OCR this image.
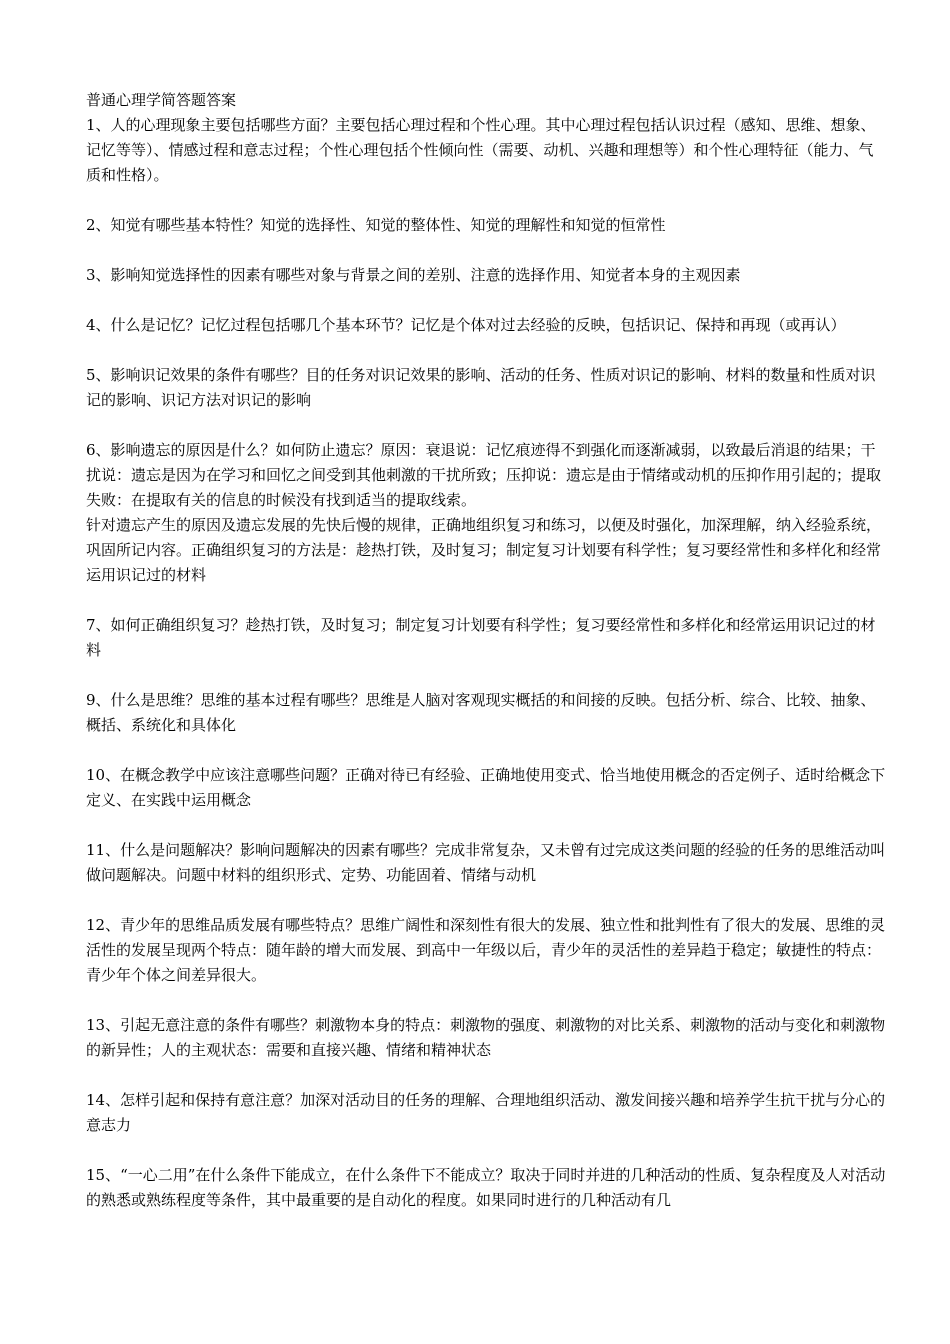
普通心理学简答题答案

1、人的心理现象主要包括哪些方面？主要包括心理过程和个性心理。其中心理过程包括认识过程（感知、思维、想象、记忆等等）、情感过程和意志过程；个性心理包括个性倾向性（需要、动机、兴趣和理想等）和个性心理特征（能力、气质和性格）。

2、知觉有哪些基本特性？知觉的选择性、知觉的整体性、知觉的理解性和知觉的恒常性

3、影响知觉选择性的因素有哪些对象与背景之间的差别、注意的选择作用、知觉者本身的主观因素

4、什么是记忆？记忆过程包括哪几个基本环节？记忆是个体对过去经验的反映，包括识记、保持和再现（或再认）

5、影响识记效果的条件有哪些？目的任务对识记效果的影响、活动的任务、性质对识记的影响、材料的数量和性质对识记的影响、识记方法对识记的影响

6、影响遗忘的原因是什么？如何防止遗忘？原因：衰退说：记忆痕迹得不到强化而逐渐减弱，以致最后消退的结果；干扰说：遗忘是因为在学习和回忆之间受到其他刺激的干扰所致；压抑说：遗忘是由于情绪或动机的压抑作用引起的；提取失败：在提取有关的信息的时候没有找到适当的提取线索。

针对遗忘产生的原因及遗忘发展的先快后慢的规律，正确地组织复习和练习，以便及时强化，加深理解，纳入经验系统，巩固所记内容。正确组织复习的方法是：趁热打铁，及时复习；制定复习计划要有科学性；复习要经常性和多样化和经常运用识记过的材料

7、如何正确组织复习？趁热打铁，及时复习；制定复习计划要有科学性；复习要经常性和多样化和经常运用识记过的材料

9、什么是思维？思维的基本过程有哪些？思维是人脑对客观现实概括的和间接的反映。包括分析、综合、比较、抽象、概括、系统化和具体化

10、在概念教学中应该注意哪些问题？正确对待已有经验、正确地使用变式、恰当地使用概念的否定例子、适时给概念下定义、在实践中运用概念

11、什么是问题解决？影响问题解决的因素有哪些？完成非常复杂，又未曾有过完成这类问题的经验的任务的思维活动叫做问题解决。问题中材料的组织形式、定势、功能固着、情绪与动机

12、青少年的思维品质发展有哪些特点？思维广阔性和深刻性有很大的发展、独立性和批判性有了很大的发展、思维的灵活性的发展呈现两个特点：随年龄的增大而发展、到高中一年级以后，青少年的灵活性的差异趋于稳定；敏捷性的特点：青少年个体之间差异很大。

13、引起无意注意的条件有哪些？刺激物本身的特点：刺激物的强度、刺激物的对比关系、刺激物的活动与变化和刺激物的新异性；人的主观状态：需要和直接兴趣、情绪和精神状态

14、怎样引起和保持有意注意？加深对活动目的任务的理解、合理地组织活动、激发间接兴趣和培养学生抗干扰与分心的意志力

15、“一心二用”在什么条件下能成立，在什么条件下不能成立？取决于同时并进的几种活动的性质、复杂程度及人对活动的熟悉或熟练程度等条件，其中最重要的是自动化的程度。如果同时进行的几种活动有几
